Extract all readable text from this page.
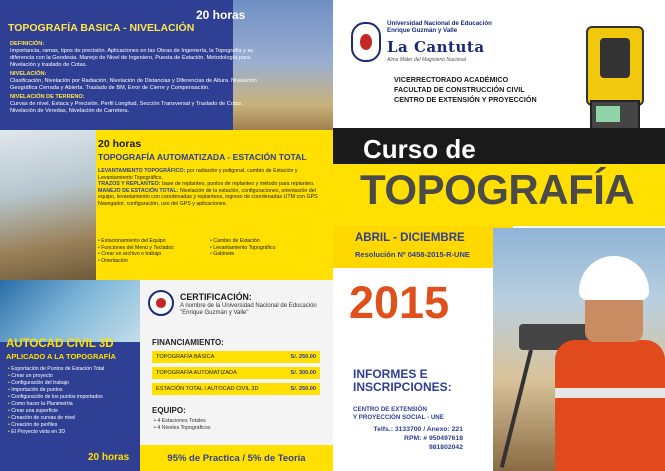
20 horas
TOPOGRAFÍA BASICA - NIVELACIÓN
DEFINICIÓN:
Importancia, ramas, tipos de precisión. Aplicaciones en las Obras de Ingeniería, la Topografía y su diferencia con la Geodesia. Manejo de Nivel de Ingeniero, Puesta de Estación. Metodología para Nivelación y traslado de Cotas.
NIVELACIÓN:
Clasificación, Nivelación por Radiación, Nivelación de Distancias y Diferencias de Altura. Nivelación Geográfica Cerrada y Abierta. Traslado de BM, Error de Cierre y Compensación.
NIVELACIÓN DE TERRENO:
Curvas de nivel, Estaca y Precisión. Perfil Longitud, Sección Transversal y Traslado de Cotas, Nivelación de Veredas, Nivelación de Carretera.
20 horas
TOPOGRAFÍA AUTOMATIZADA - ESTACIÓN TOTAL
LEVANTAMIENTO TOPOGRÁFICO: por radiación y poligonal, cambio de Estación y Levantamiento Topográfico.
TRAZOS Y REPLANTEO: base de replanteo, puntos de replanteo y método para replanteo.
MANEJO DE ESTACIÓN TOTAL: Nivelación de la estación, configuraciones, orientación del equipo, levantamiento con coordenadas y replanteos, ingreso de coordenadas UTM con GPS Navegador, configuración, uso del GPS y aplicaciones.
• Estacionamiento del Equipo
• Funciones del Menú y Teclados
• Crear un archivo o trabajo
• Orientación
• Cambio de Estación
• Levantamiento Topográfico
• Gabinete
AUTOCAD CIVIL 3D
APLICADO A LA TOPOGRAFÍA
• Exportación de Puntos de Estación Total
• Crear un proyecto
• Configuración del trabajo
• Importación de puntos
• Configuración de los puntos importados
• Como hacer la Planimetría
• Crear una superficie
• Creación de curvas de nivel
• Creación de perfiles
• El Proyecto vista en 3D
20 horas
CERTIFICACIÓN:
A nombre de la Universidad Nacional de Educación "Enrique Guzmán y Valle"
FINANCIAMIENTO:
TOPOGRAFÍA BÁSICA	S/. 250.00
TOPOGRAFÍA AUTOMATIZADA	S/. 300.00
ESTACIÓN TOTAL / AUTOCAD CIVIL 3D	S/. 250.00
EQUIPO:
• 4 Estaciones Totales
• 4 Niveles Topográficos
95% de Practica / 5% de Teoría
Universidad Nacional de Educación
Enrique Guzmán y Valle
La Cantuta
Alma Máter del Magisterio Nacional
VICERRECTORADO ACADÉMICO
FACULTAD DE CONSTRUCCIÓN CIVIL
CENTRO DE EXTENSIÓN Y PROYECCIÓN
Curso de
TOPOGRAFÍA
ABRIL - DICIEMBRE
Resolución Nº 0458-2015-R-UNE
2015
INFORMES E
INSCRIPCIONES:
CENTRO DE EXTENSIÓN
Y PROYECCIÓN SOCIAL - UNE
Telfs.: 3133700 / Anexo: 221
RPM: # 950497618
981802042
